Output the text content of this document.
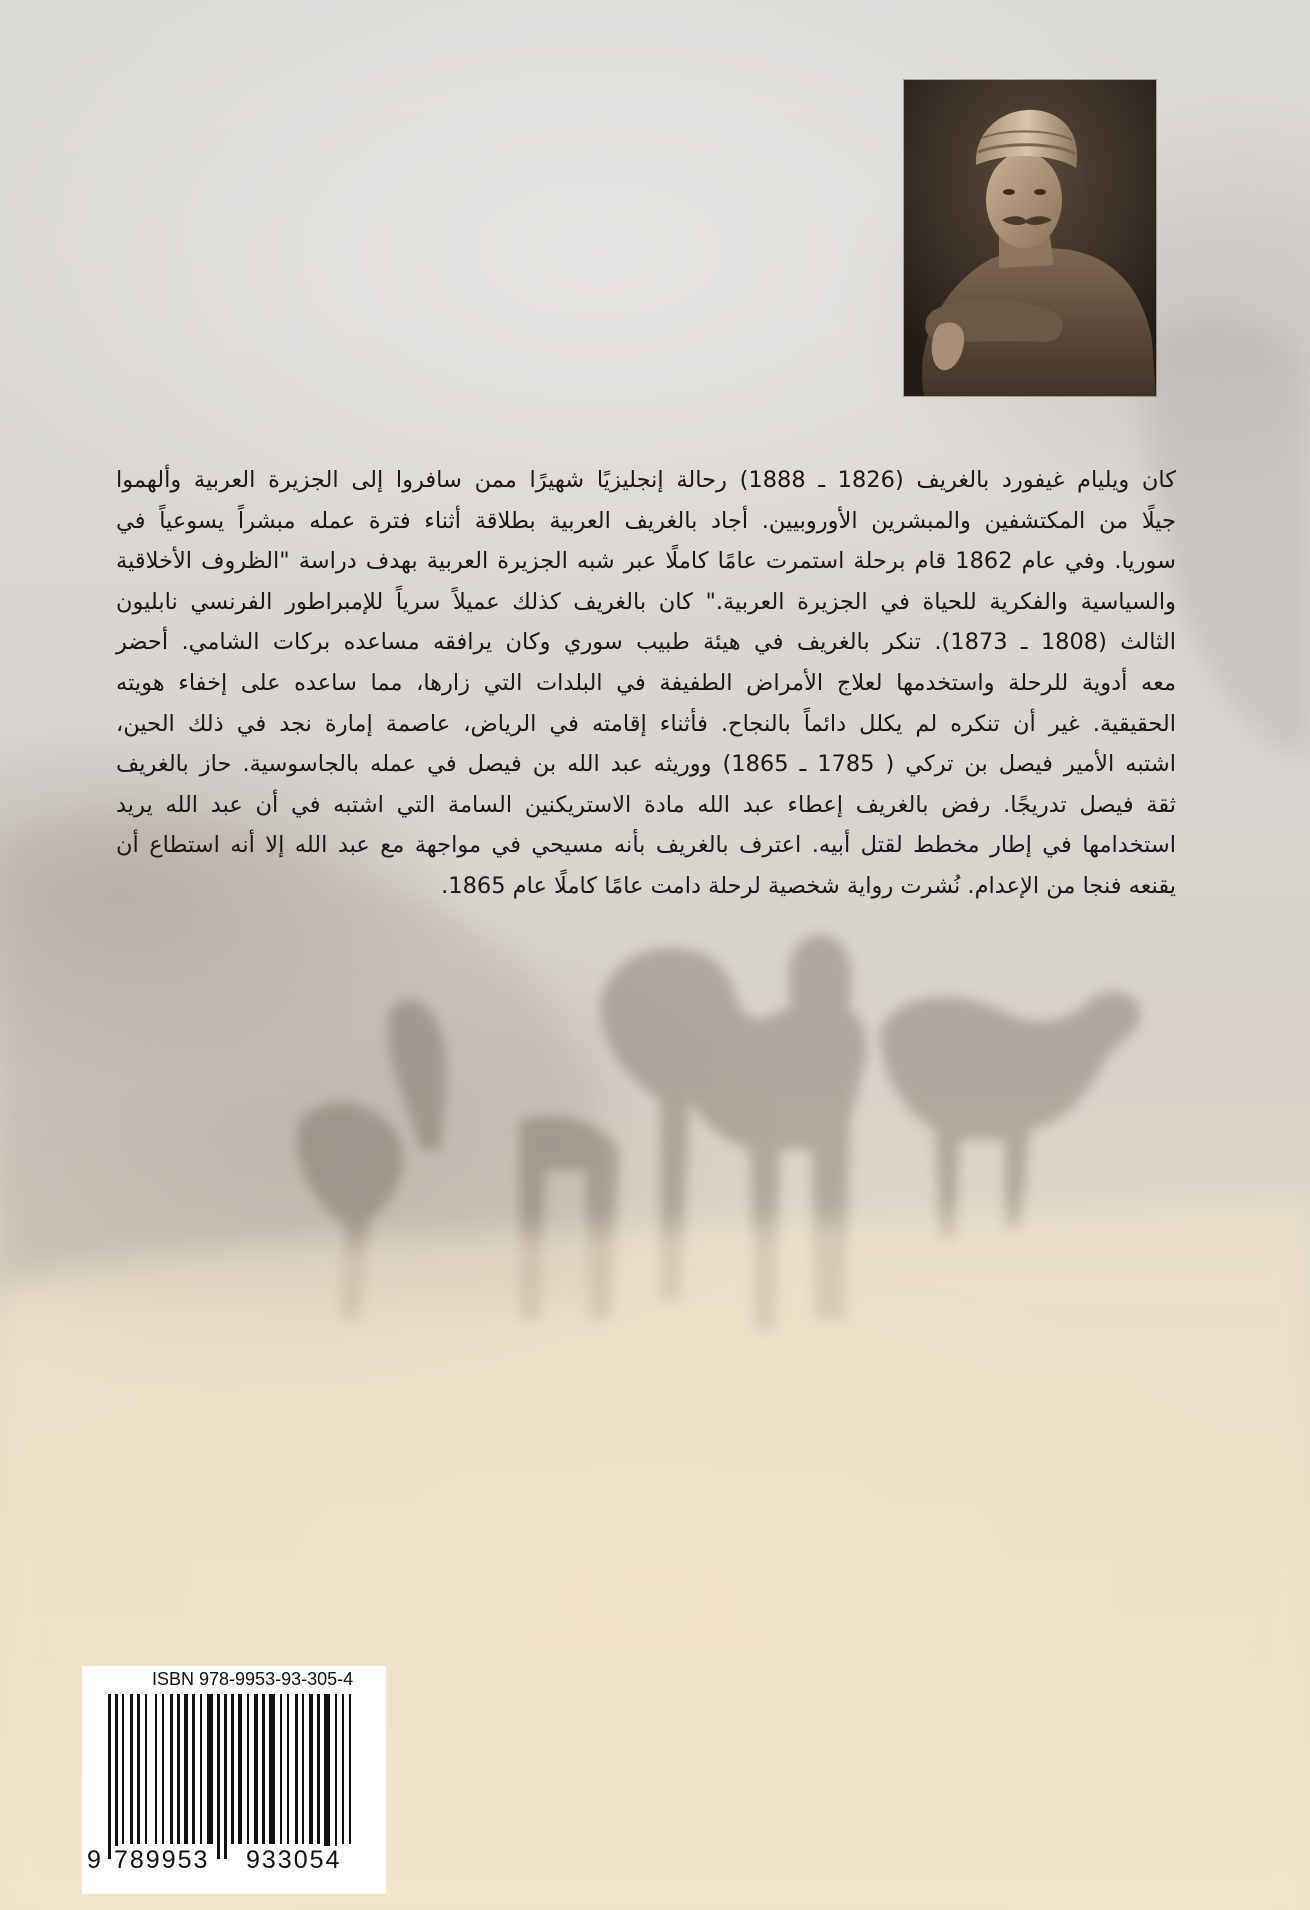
كان ويليام غيفورد بالغريف (1826 ـ 1888) رحالة إنجليزيًا شهيرًا ممن سافروا إلى الجزيرة العربية وألهموا
جيلًا من المكتشفين والمبشرين الأوروبيين. أجاد بالغريف العربية بطلاقة أثناء فترة عمله مبشراً يسوعياً في
سوريا. وفي عام 1862 قام برحلة استمرت عامًا كاملًا عبر شبه الجزيرة العربية بهدف دراسة "الظروف الأخلاقية
والسياسية والفكرية للحياة في الجزيرة العربية." كان بالغريف كذلك عميلاً سرياً للإمبراطور الفرنسي نابليون
الثالث (1808 ـ 1873). تنكر بالغريف في هيئة طبيب سوري وكان يرافقه مساعده بركات الشامي. أحضر
معه أدوية للرحلة واستخدمها لعلاج الأمراض الطفيفة في البلدات التي زارها، مما ساعده على إخفاء هويته
الحقيقية. غير أن تنكره لم يكلل دائماً بالنجاح. فأثناء إقامته في الرياض، عاصمة إمارة نجد في ذلك الحين،
اشتبه الأمير فيصل بن تركي ( 1785 ـ 1865) ووريثه عبد الله بن فيصل في عمله بالجاسوسية. حاز بالغريف
ثقة فيصل تدريجًا. رفض بالغريف إعطاء عبد الله مادة الاستريكنين السامة التي اشتبه في أن عبد الله يريد
استخدامها في إطار مخطط لقتل أبيه. اعترف بالغريف بأنه مسيحي في مواجهة مع عبد الله إلا أنه استطاع أن
يقنعه فنجا من الإعدام. نُشرت رواية شخصية لرحلة دامت عامًا كاملًا عام 1865.
ISBN 978-9953-93-305-4
9 789953 933054
